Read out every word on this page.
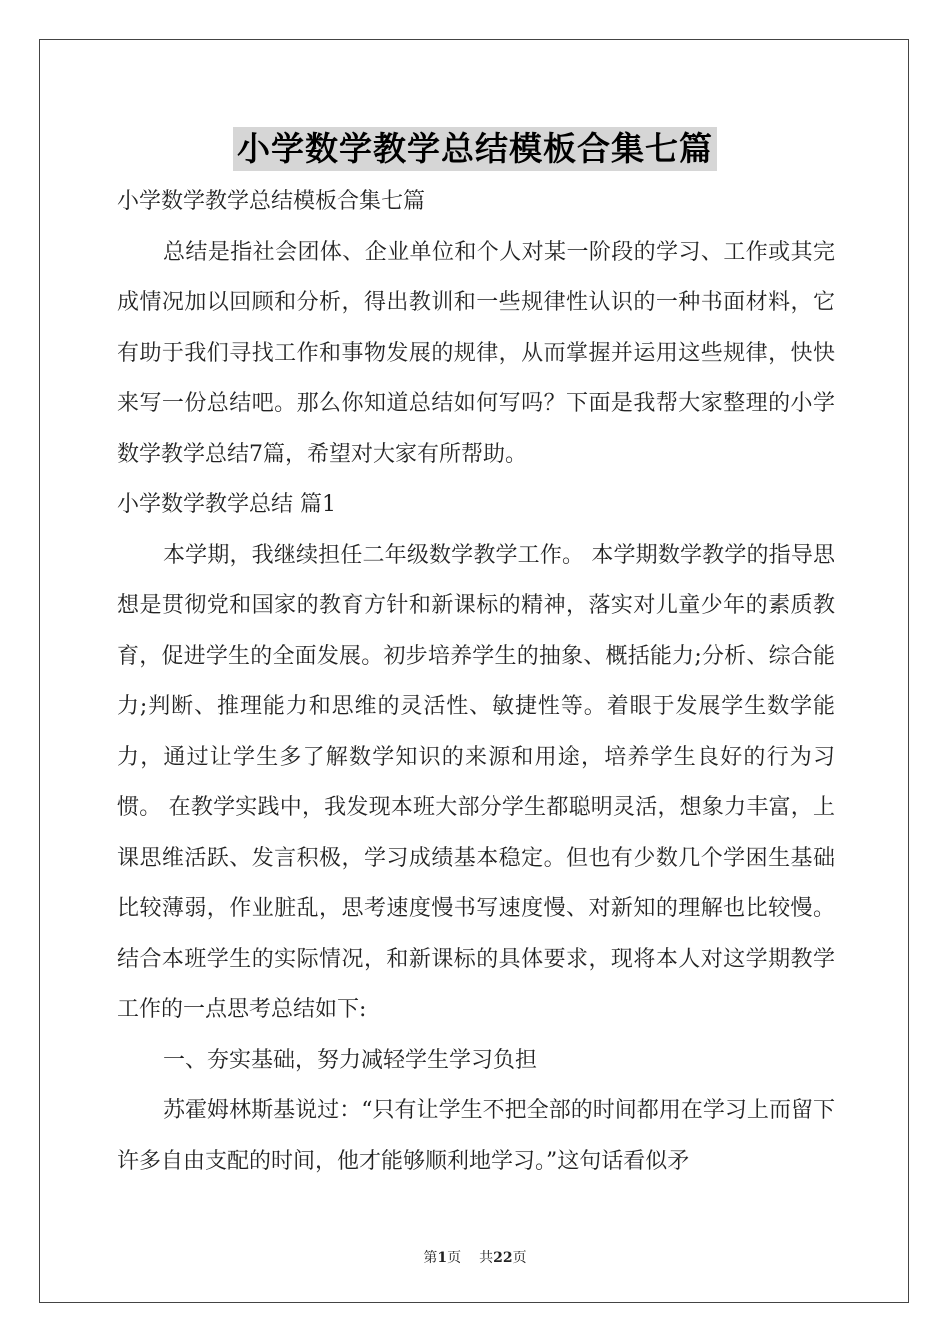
小学数学教学总结模板合集七篇

小学数学教学总结模板合集七篇

总结是指社会团体、企业单位和个人对某一阶段的学习、工作或其完成情况加以回顾和分析，得出教训和一些规律性认识的一种书面材料，它有助于我们寻找工作和事物发展的规律，从而掌握并运用这些规律，快快来写一份总结吧。那么你知道总结如何写吗？下面是我帮大家整理的小学数学教学总结7篇，希望对大家有所帮助。

小学数学教学总结 篇1

本学期，我继续担任二年级数学教学工作。 本学期数学教学的指导思想是贯彻党和国家的教育方针和新课标的精神，落实对儿童少年的素质教育，促进学生的全面发展。初步培养学生的抽象、概括能力;分析、综合能力;判断、推理能力和思维的灵活性、敏捷性等。着眼于发展学生数学能力，通过让学生多了解数学知识的来源和用途，培养学生良好的行为习惯。 在教学实践中，我发现本班大部分学生都聪明灵活，想象力丰富，上课思维活跃、发言积极，学习成绩基本稳定。但也有少数几个学困生基础比较薄弱，作业脏乱，思考速度慢书写速度慢、对新知的理解也比较慢。结合本班学生的实际情况，和新课标的具体要求，现将本人对这学期教学工作的一点思考总结如下:

一、夯实基础，努力减轻学生学习负担

苏霍姆林斯基说过：“只有让学生不把全部的时间都用在学习上而留下许多自由支配的时间，他才能够顺利地学习。”这句话看似矛

第1页 共22页
